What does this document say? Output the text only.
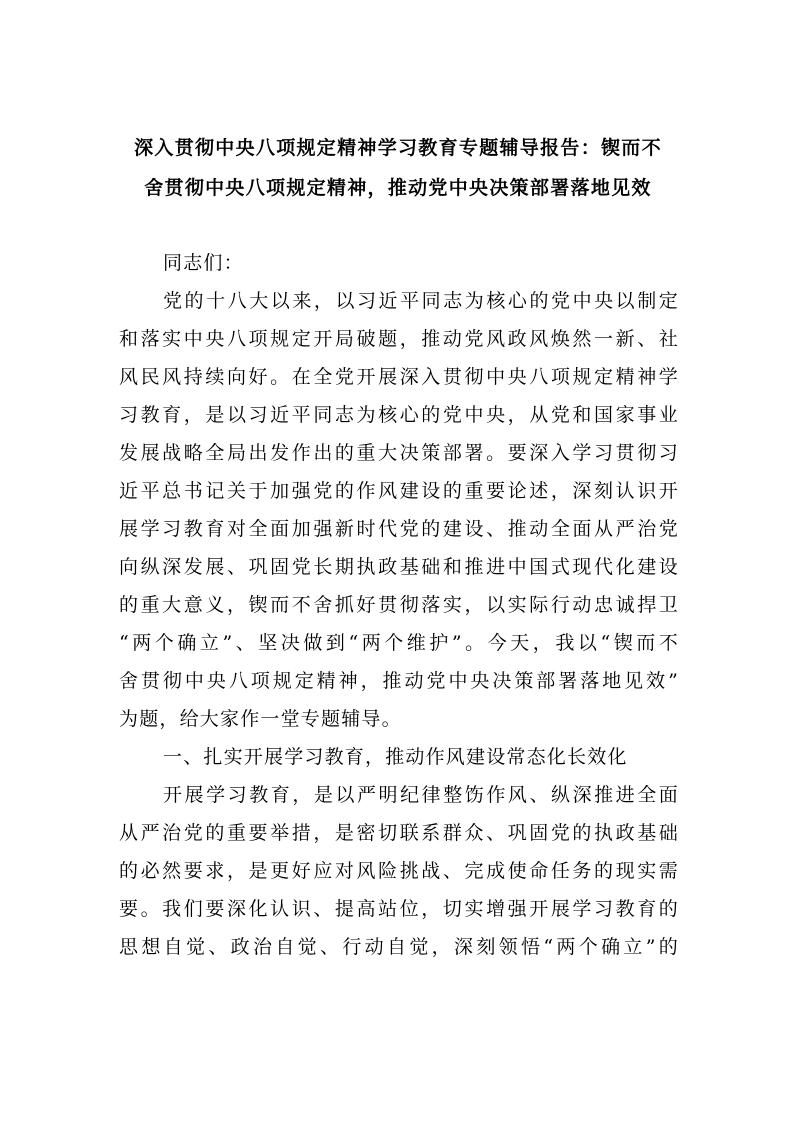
深入贯彻中央八项规定精神学习教育专题辅导报告：锲而不
舍贯彻中央八项规定精神，推动党中央决策部署落地见效
同志们：
党的十八大以来，以习近平同志为核心的党中央以制定
和落实中央八项规定开局破题，推动党风政风焕然一新、社
风民风持续向好。在全党开展深入贯彻中央八项规定精神学
习教育，是以习近平同志为核心的党中央，从党和国家事业
发展战略全局出发作出的重大决策部署。要深入学习贯彻习
近平总书记关于加强党的作风建设的重要论述，深刻认识开
展学习教育对全面加强新时代党的建设、推动全面从严治党
向纵深发展、巩固党长期执政基础和推进中国式现代化建设
的重大意义，锲而不舍抓好贯彻落实，以实际行动忠诚捍卫
“两个确立”、坚决做到“两个维护”。今天，我以“锲而不
舍贯彻中央八项规定精神，推动党中央决策部署落地见效”
为题，给大家作一堂专题辅导。
一、扎实开展学习教育，推动作风建设常态化长效化
开展学习教育，是以严明纪律整饬作风、纵深推进全面
从严治党的重要举措，是密切联系群众、巩固党的执政基础
的必然要求，是更好应对风险挑战、完成使命任务的现实需
要。我们要深化认识、提高站位，切实增强开展学习教育的
思想自觉、政治自觉、行动自觉，深刻领悟“两个确立”的
